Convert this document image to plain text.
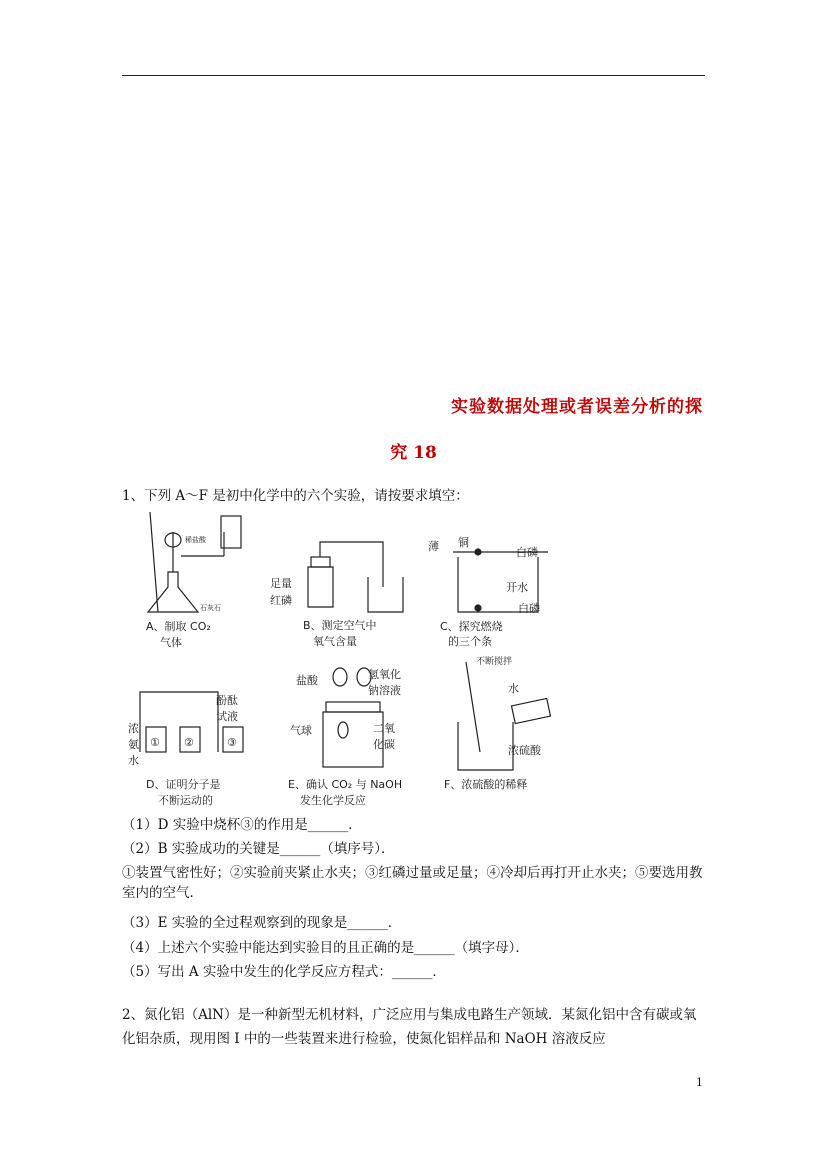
实验数据处理或者误差分析的探
究 18
1、下列 A～F 是初中化学中的六个实验，请按要求填空：
稀盐酸
石灰石
A、制取 CO₂
气体
足量
红磷
B、测定空气中
氧气含量
薄 铜
白磷
开水
白磷
C、探究燃烧
的三个条
酚酞
试液
浓
氨
水
① ②	③
D、证明分子是
不断运动的
盐酸	氢氧化
钠溶液
气球	二氧
化碳
E、确认 CO₂ 与 NaOH
发生化学反应
不断搅拌
水
浓硫酸
F、浓硫酸的稀释
（1）D 实验中烧杯③的作用是______．
（2）B 实验成功的关键是______（填序号）．
①装置气密性好；②实验前夹紧止水夹；③红磷过量或足量；④冷却后再打开止水夹；⑤要选用教室内的空气．
（3）E 实验的全过程观察到的现象是______．
（4）上述六个实验中能达到实验目的且正确的是______（填字母）．
（5）写出 A 实验中发生的化学反应方程式：______．
2、氮化铝（AlN）是一种新型无机材料，广泛应用与集成电路生产领域．某氮化铝中含有碳或氧化铝杂质，现用图 I 中的一些装置来进行检验，使氮化铝样品和 NaOH 溶液反应
1
